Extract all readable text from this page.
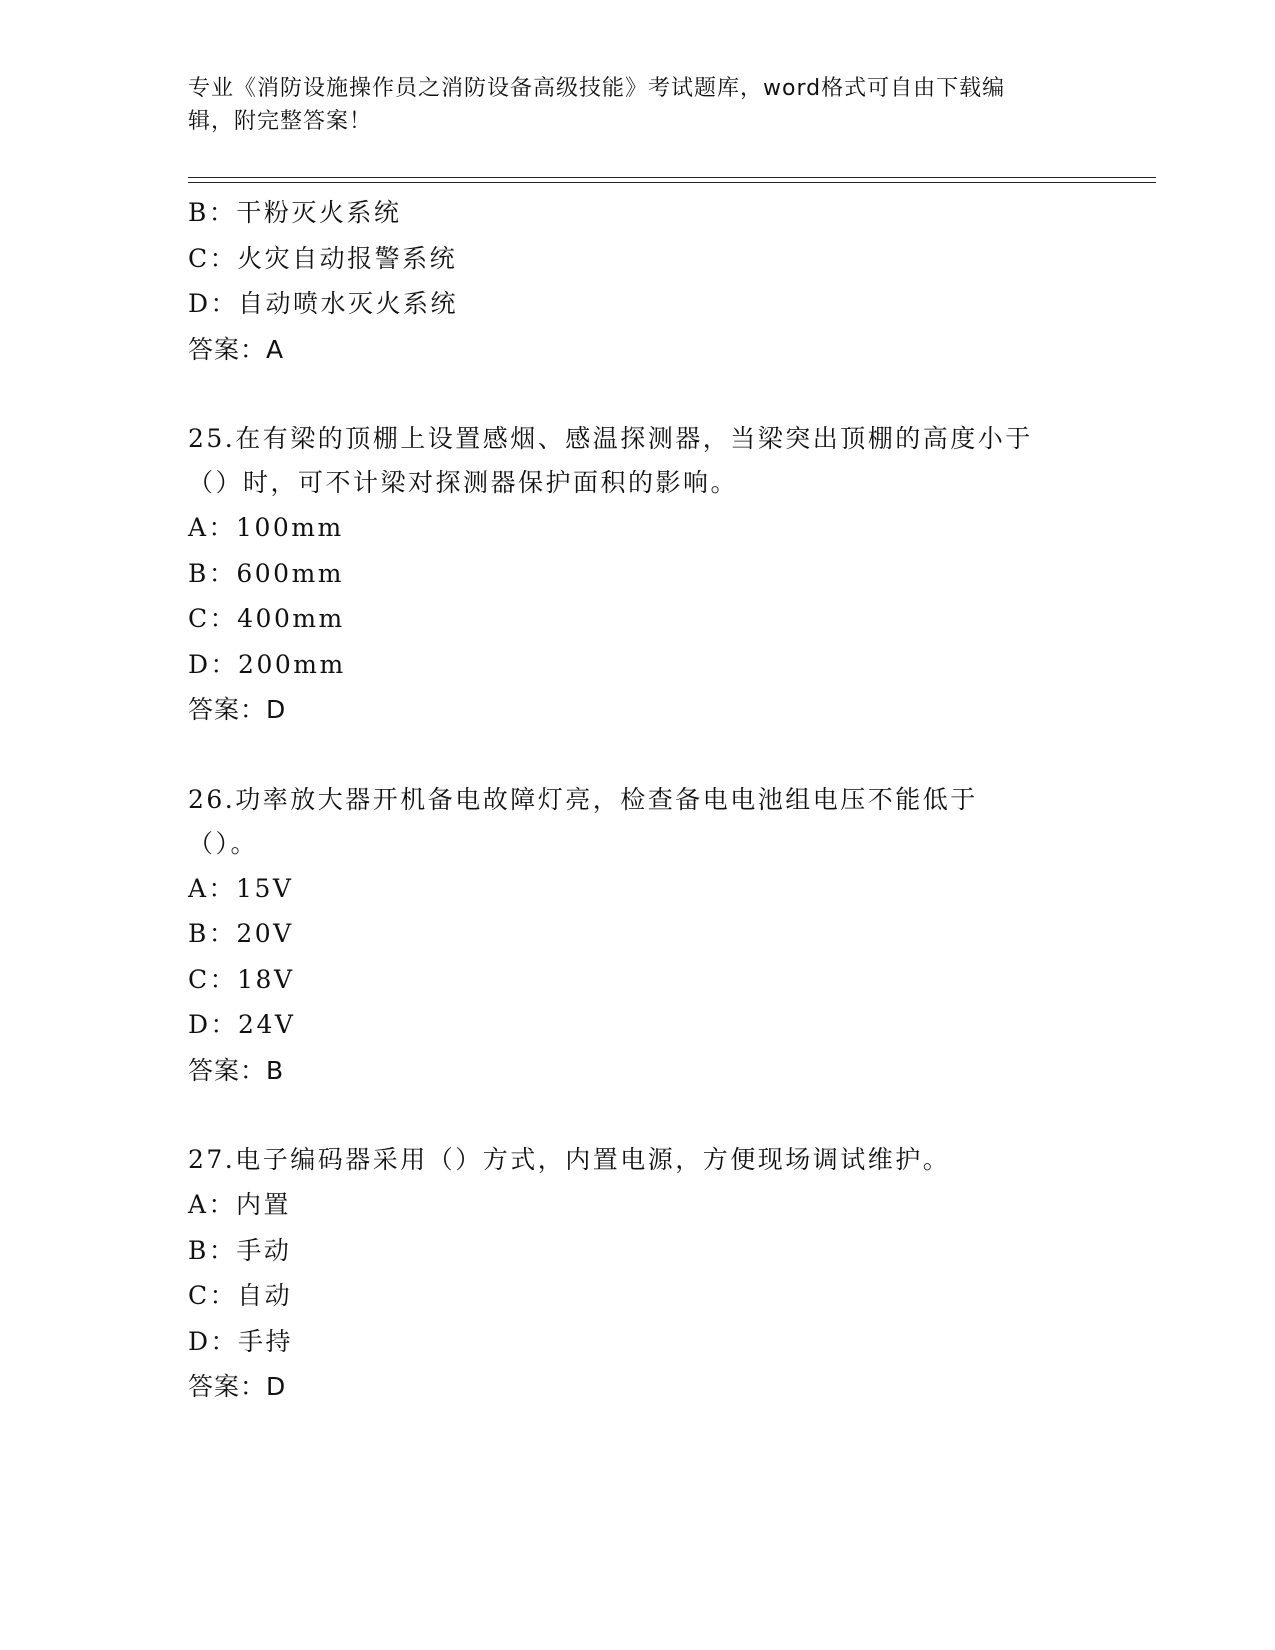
专业《消防设施操作员之消防设备高级技能》考试题库，word格式可自由下载编
辑，附完整答案！
B：干粉灭火系统
C：火灾自动报警系统
D：自动喷水灭火系统
答案：A
25.在有梁的顶棚上设置感烟、感温探测器，当梁突出顶棚的高度小于（）时，可不计梁对探测器保护面积的影响。
A：100mm
B：600mm
C：400mm
D：200mm
答案：D
26.功率放大器开机备电故障灯亮，检查备电电池组电压不能低于（）。
A：15V
B：20V
C：18V
D：24V
答案：B
27.电子编码器采用（）方式，内置电源，方便现场调试维护。
A：内置
B：手动
C：自动
D：手持
答案：D
